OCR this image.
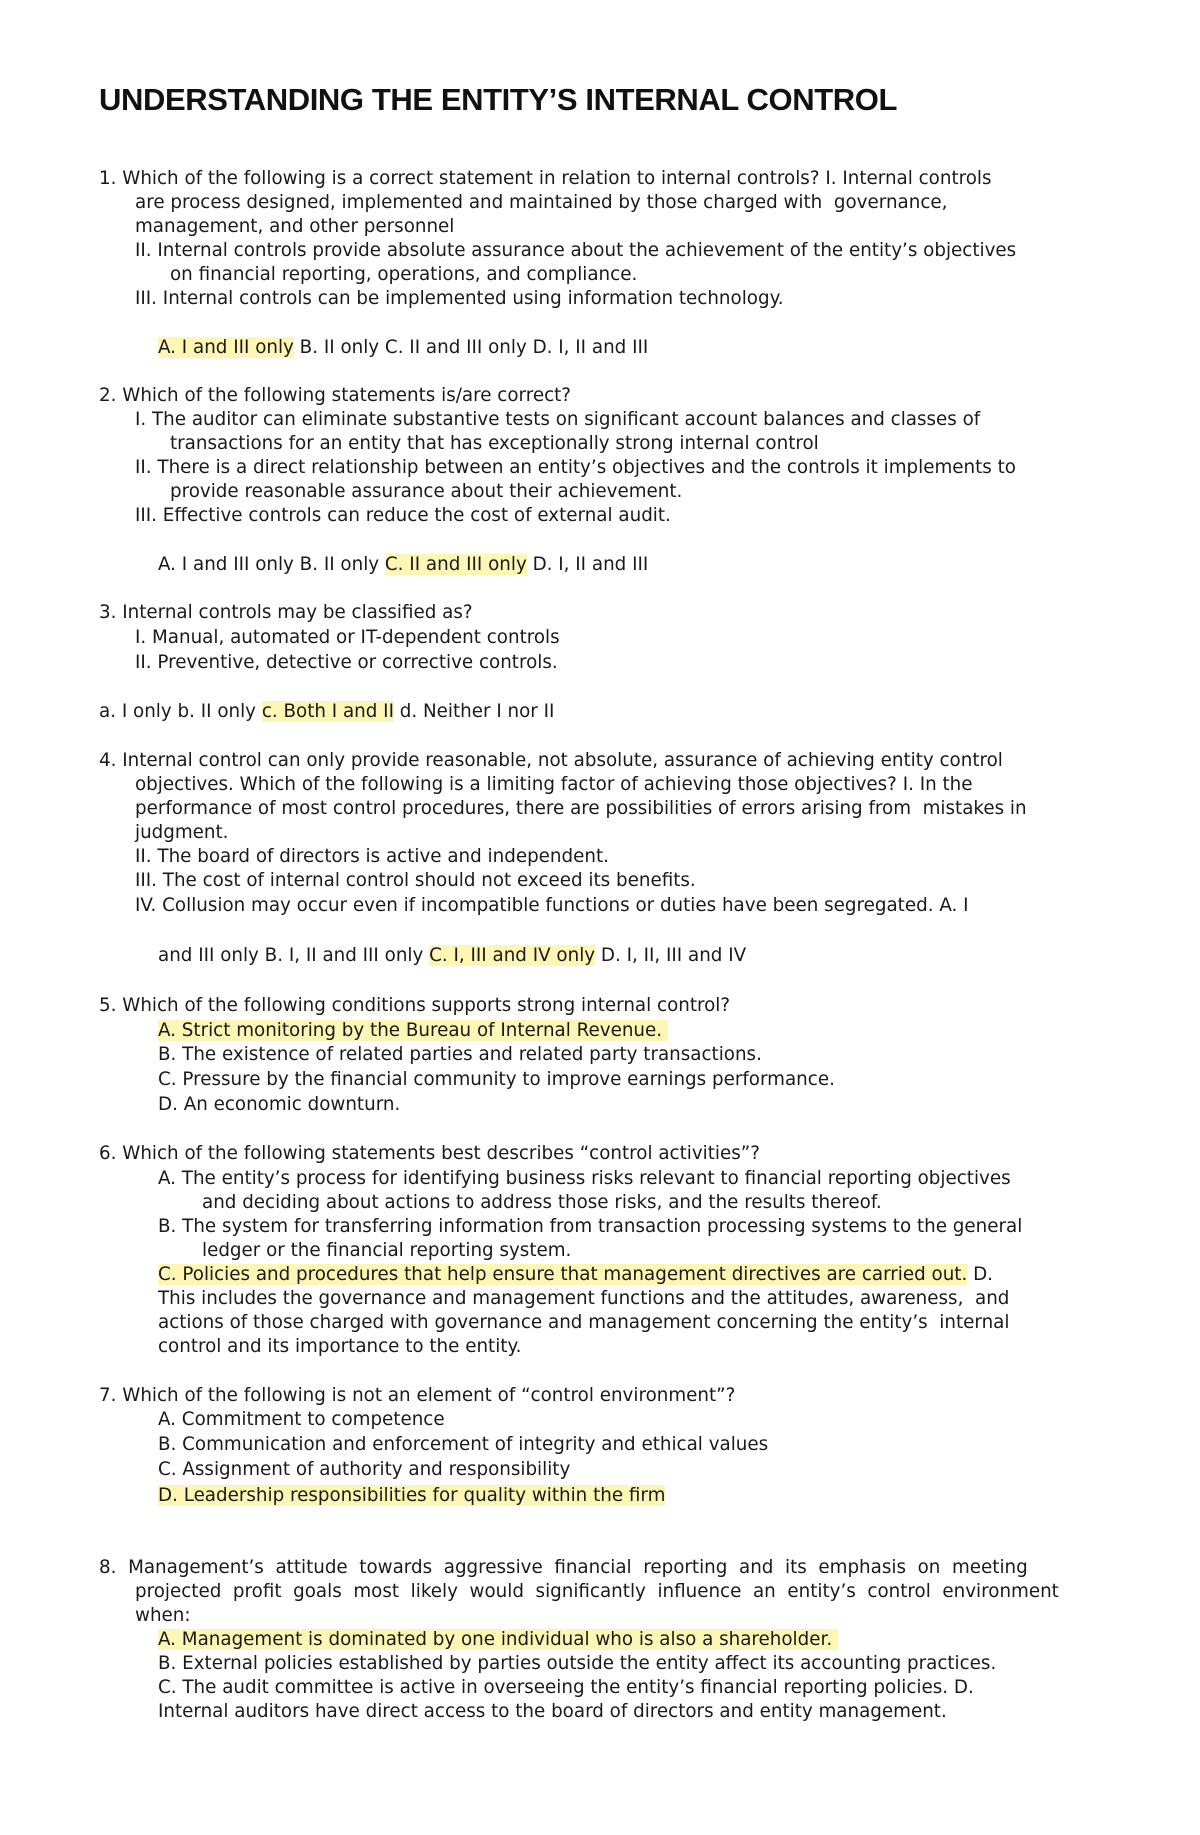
UNDERSTANDING THE ENTITY’S INTERNAL CONTROL

1. Which of the following is a correct statement in relation to internal controls? I. Internal controls

are process designed, implemented and maintained by those charged with  governance,

management, and other personnel

II. Internal controls provide absolute assurance about the achievement of the entity’s objectives

on financial reporting, operations, and compliance.

III. Internal controls can be implemented using information technology.

A. I and III only B. II only C. II and III only D. I, II and III

2. Which of the following statements is/are correct?

I. The auditor can eliminate substantive tests on significant account balances and classes of

transactions for an entity that has exceptionally strong internal control

II. There is a direct relationship between an entity’s objectives and the controls it implements to

provide reasonable assurance about their achievement.

III. Effective controls can reduce the cost of external audit.

A. I and III only B. II only C. II and III only D. I, II and III

3. Internal controls may be classified as?

I. Manual, automated or IT-dependent controls

II. Preventive, detective or corrective controls.

a. I only b. II only c. Both I and II d. Neither I nor II

4. Internal control can only provide reasonable, not absolute, assurance of achieving entity control

objectives. Which of the following is a limiting factor of achieving those objectives? I. In the

performance of most control procedures, there are possibilities of errors arising from  mistakes in

judgment.

II. The board of directors is active and independent.

III. The cost of internal control should not exceed its benefits.

IV. Collusion may occur even if incompatible functions or duties have been segregated. A. I

and III only B. I, II and III only C. I, III and IV only D. I, II, III and IV

5. Which of the following conditions supports strong internal control?

A. Strict monitoring by the Bureau of Internal Revenue.

B. The existence of related parties and related party transactions.

C. Pressure by the financial community to improve earnings performance.

D. An economic downturn.

6. Which of the following statements best describes “control activities”?

A. The entity’s process for identifying business risks relevant to financial reporting objectives

and deciding about actions to address those risks, and the results thereof.

B. The system for transferring information from transaction processing systems to the general

ledger or the financial reporting system.

C. Policies and procedures that help ensure that management directives are carried out. D.

This includes the governance and management functions and the attitudes, awareness,  and

actions of those charged with governance and management concerning the entity’s  internal

control and its importance to the entity.

7. Which of the following is not an element of “control environment”?

A. Commitment to competence

B. Communication and enforcement of integrity and ethical values

C. Assignment of authority and responsibility

D. Leadership responsibilities for quality within the firm

8.  Management’s  attitude  towards  aggressive  financial  reporting  and  its  emphasis  on  meeting

projected  profit  goals  most  likely  would  significantly  influence  an  entity’s  control  environment

when:

A. Management is dominated by one individual who is also a shareholder.

B. External policies established by parties outside the entity affect its accounting practices.

C. The audit committee is active in overseeing the entity’s financial reporting policies. D.

Internal auditors have direct access to the board of directors and entity management.
